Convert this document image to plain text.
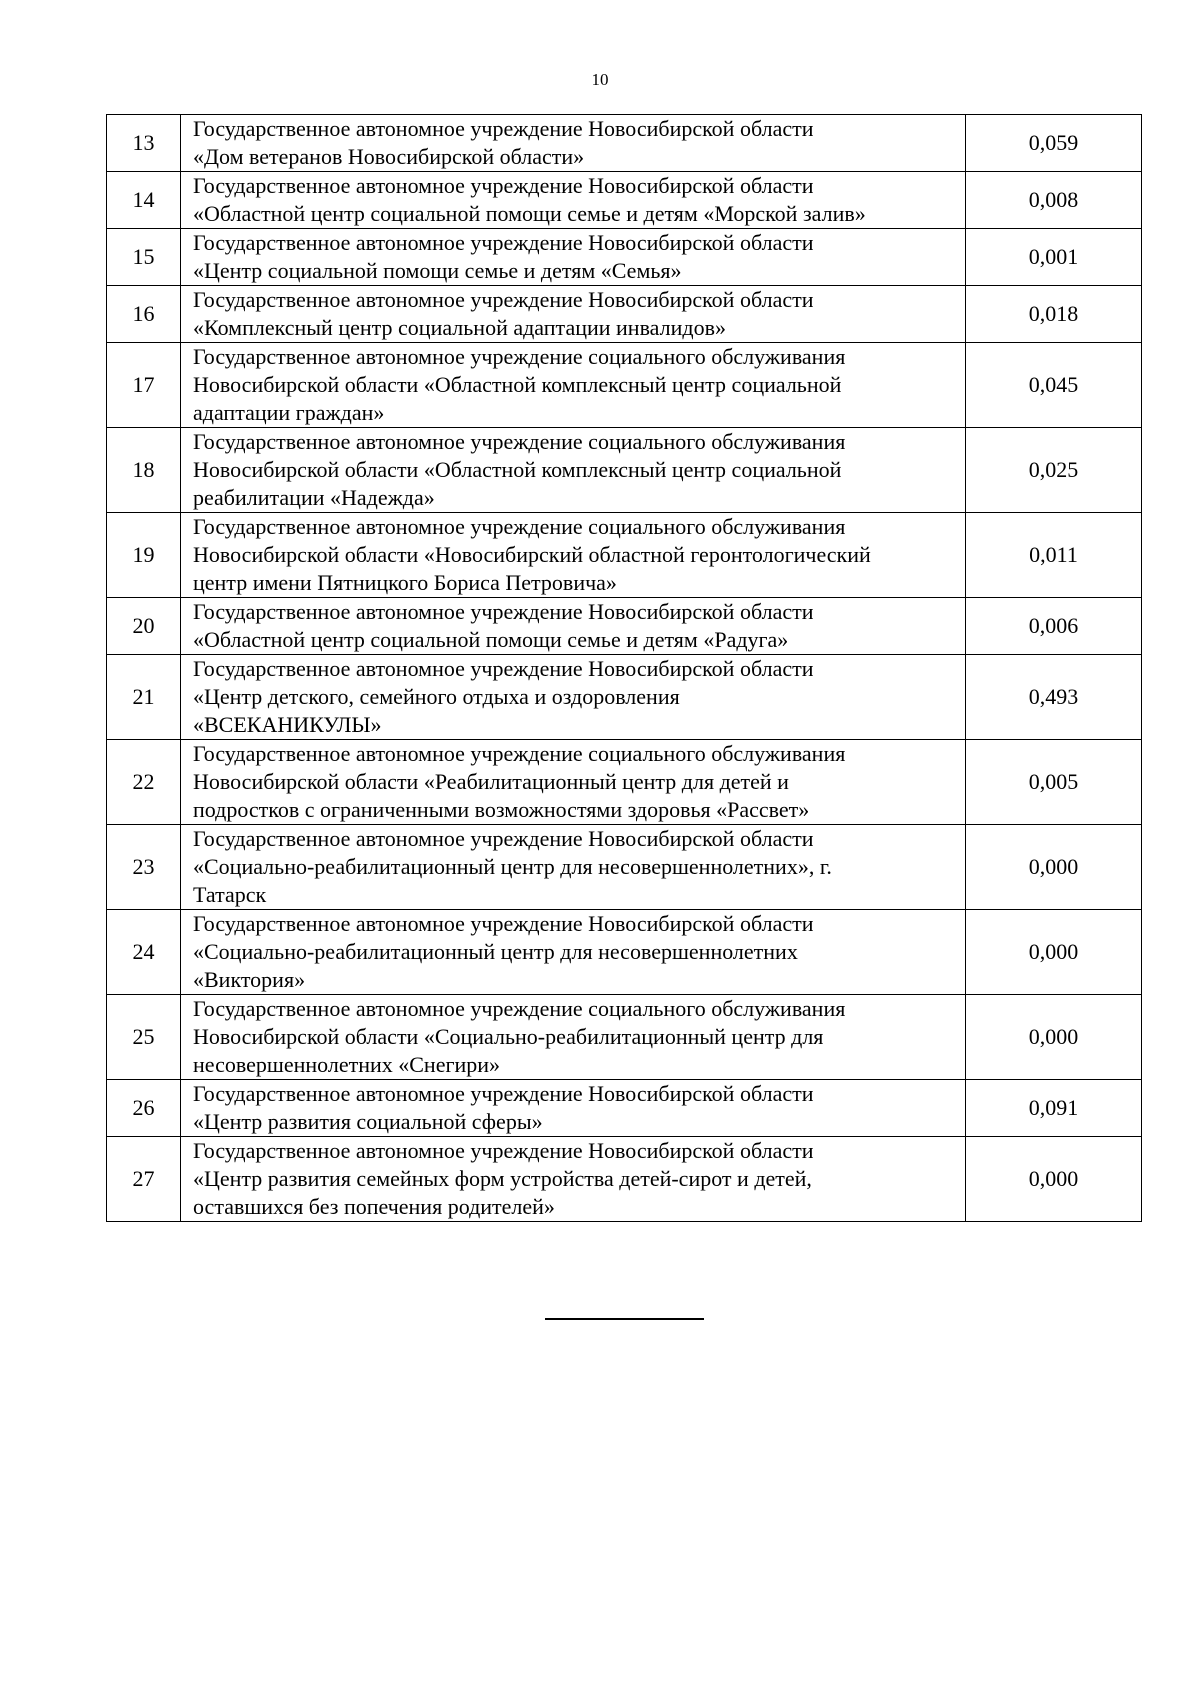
10
13	Государственное автономное учреждение Новосибирской области
«Дом ветеранов Новосибирской области»	0,059
14	Государственное автономное учреждение Новосибирской области
«Областной центр социальной помощи семье и детям «Морской залив»	0,008
15	Государственное автономное учреждение Новосибирской области
«Центр социальной помощи семье и детям «Семья»	0,001
16	Государственное автономное учреждение Новосибирской области
«Комплексный центр социальной адаптации инвалидов»	0,018
17	Государственное автономное учреждение социального обслуживания
Новосибирской области «Областной комплексный центр социальной
адаптации граждан»	0,045
18	Государственное автономное учреждение социального обслуживания
Новосибирской области «Областной комплексный центр социальной
реабилитации «Надежда»	0,025
19	Государственное автономное учреждение социального обслуживания
Новосибирской области «Новосибирский областной геронтологический
центр имени Пятницкого Бориса Петровича»	0,011
20	Государственное автономное учреждение Новосибирской области
«Областной центр социальной помощи семье и детям «Радуга»	0,006
21	Государственное автономное учреждение Новосибирской области
«Центр детского, семейного отдыха и оздоровления
«ВСЕКАНИКУЛЫ»	0,493
22	Государственное автономное учреждение социального обслуживания
Новосибирской области «Реабилитационный центр для детей и
подростков с ограниченными возможностями здоровья «Рассвет»	0,005
23	Государственное автономное учреждение Новосибирской области
«Социально-реабилитационный центр для несовершеннолетних», г.
Татарск	0,000
24	Государственное автономное учреждение Новосибирской области
«Социально-реабилитационный центр для несовершеннолетних
«Виктория»	0,000
25	Государственное автономное учреждение социального обслуживания
Новосибирской области «Социально-реабилитационный центр для
несовершеннолетних «Снегири»	0,000
26	Государственное автономное учреждение Новосибирской области
«Центр развития социальной сферы»	0,091
27	Государственное автономное учреждение Новосибирской области
«Центр развития семейных форм устройства детей-сирот и детей,
оставшихся без попечения родителей»	0,000
